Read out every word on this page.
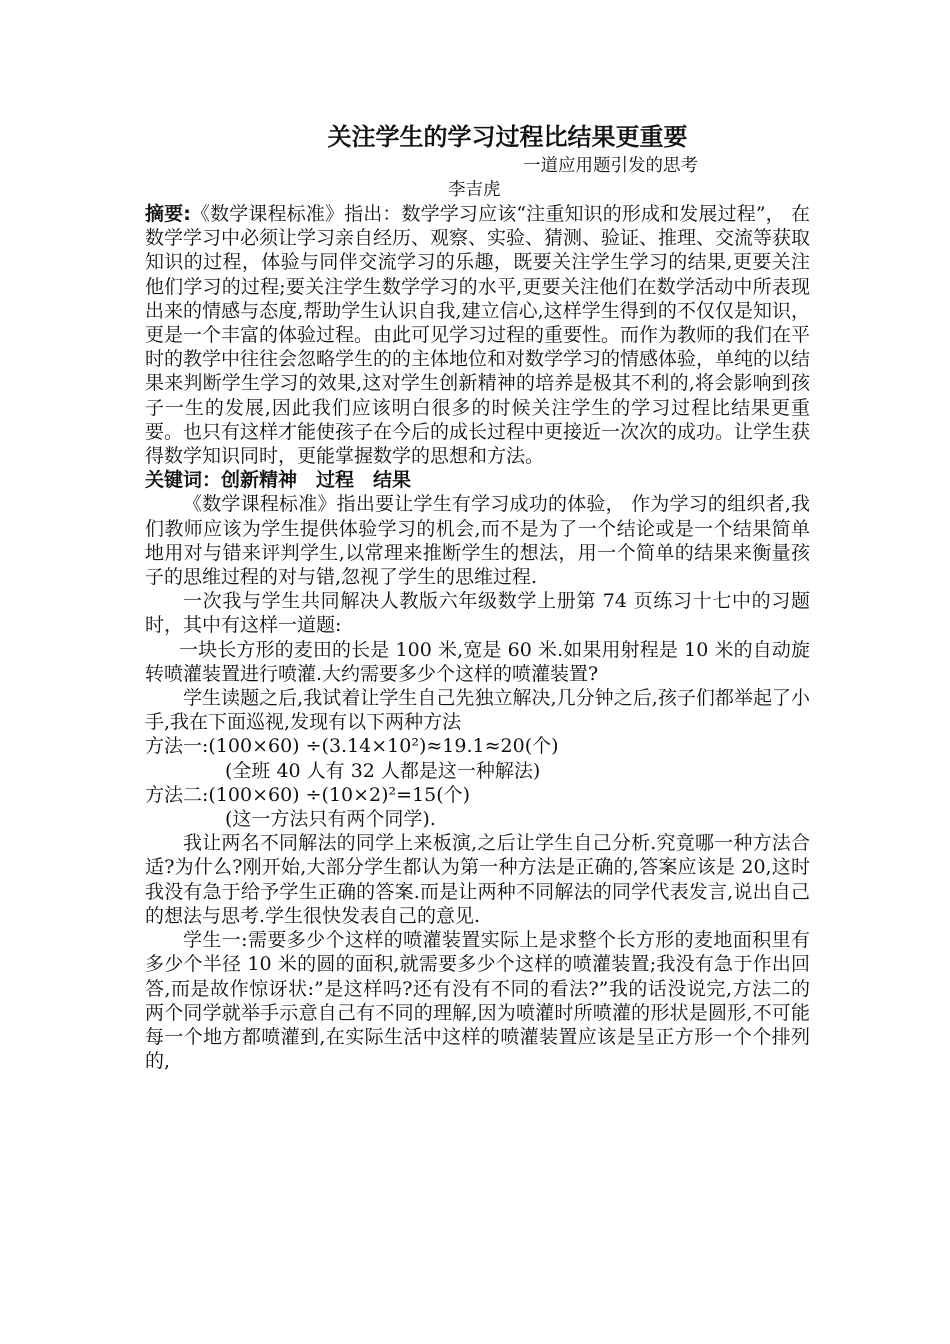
关注学生的学习过程比结果更重要
一道应用题引发的思考
李吉虎

摘要:《数学课程标准》指出：数学学习应该“注重知识的形成和发展过程”， 在数学学习中必须让学习亲自经历、观察、实验、猜测、验证、推理、交流等获取知识的过程，体验与同伴交流学习的乐趣，既要关注学生学习的结果,更要关注他们学习的过程;要关注学生数学学习的水平,更要关注他们在数学活动中所表现出来的情感与态度,帮助学生认识自我,建立信心,这样学生得到的不仅仅是知识，更是一个丰富的体验过程。由此可见学习过程的重要性。而作为教师的我们在平时的教学中往往会忽略学生的的主体地位和对数学学习的情感体验，单纯的以结果来判断学生学习的效果,这对学生创新精神的培养是极其不利的,将会影响到孩子一生的发展,因此我们应该明白很多的时候关注学生的学习过程比结果更重要。也只有这样才能使孩子在今后的成长过程中更接近一次次的成功。让学生获得数学知识同时，更能掌握数学的思想和方法。

关键词：创新精神　过程　结果

《数学课程标准》指出要让学生有学习成功的体验， 作为学习的组织者,我们教师应该为学生提供体验学习的机会,而不是为了一个结论或是一个结果简单地用对与错来评判学生,以常理来推断学生的想法，用一个简单的结果来衡量孩子的思维过程的对与错,忽视了学生的思维过程.

一次我与学生共同解决人教版六年级数学上册第 74 页练习十七中的习题时，其中有这样一道题:

一块长方形的麦田的长是 100 米,宽是 60 米.如果用射程是 10 米的自动旋转喷灌装置进行喷灌.大约需要多少个这样的喷灌装置?

学生读题之后,我试着让学生自己先独立解决,几分钟之后,孩子们都举起了小手,我在下面巡视,发现有以下两种方法

方法一:(100×60) ÷(3.14×10²)≈19.1≈20(个)
(全班 40 人有 32 人都是这一种解法)
方法二:(100×60) ÷(10×2)²=15(个)
(这一方法只有两个同学).

我让两名不同解法的同学上来板演,之后让学生自己分析.究竟哪一种方法合适?为什么?刚开始,大部分学生都认为第一种方法是正确的,答案应该是 20,这时我没有急于给予学生正确的答案.而是让两种不同解法的同学代表发言,说出自己的想法与思考.学生很快发表自己的意见.

学生一:需要多少个这样的喷灌装置实际上是求整个长方形的麦地面积里有多少个半径 10 米的圆的面积,就需要多少个这样的喷灌装置;我没有急于作出回答,而是故作惊讶状:”是这样吗?还有没有不同的看法?”我的话没说完,方法二的两个同学就举手示意自己有不同的理解,因为喷灌时所喷灌的形状是圆形,不可能每一个地方都喷灌到,在实际生活中这样的喷灌装置应该是呈正方形一个个排列的,
